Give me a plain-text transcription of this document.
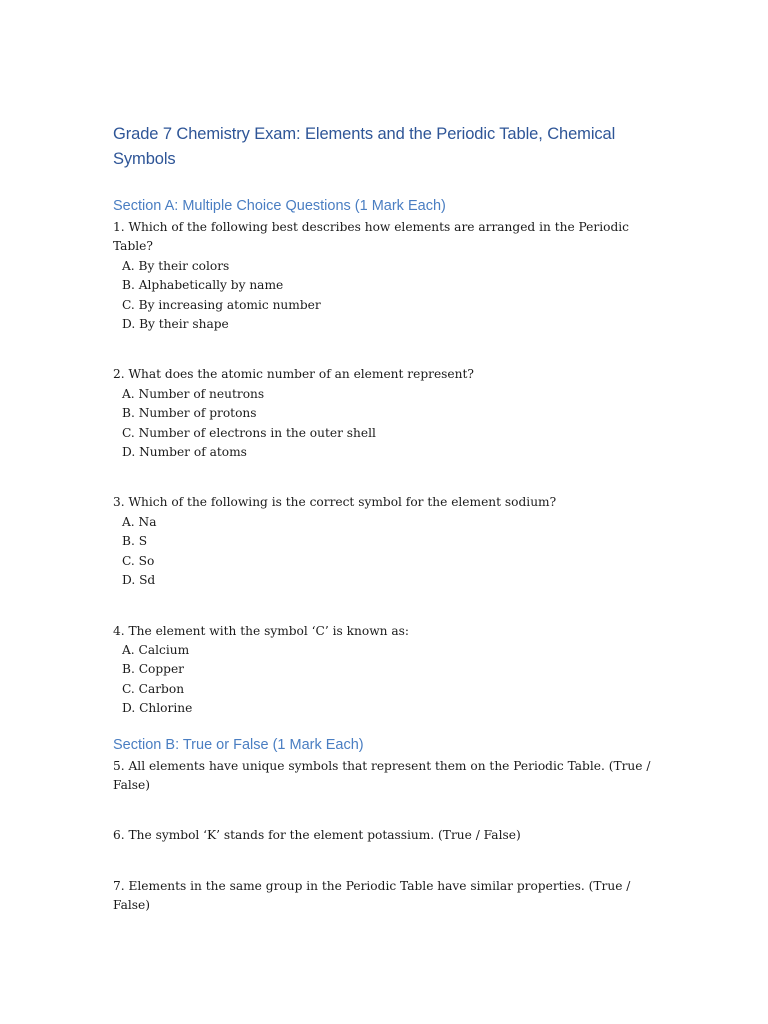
Grade 7 Chemistry Exam: Elements and the Periodic Table, Chemical Symbols
Section A: Multiple Choice Questions (1 Mark Each)
1. Which of the following best describes how elements are arranged in the Periodic Table?
A. By their colors
B. Alphabetically by name
C. By increasing atomic number
D. By their shape
2. What does the atomic number of an element represent?
A. Number of neutrons
B. Number of protons
C. Number of electrons in the outer shell
D. Number of atoms
3. Which of the following is the correct symbol for the element sodium?
A. Na
B. S
C. So
D. Sd
4. The element with the symbol ‘C’ is known as:
A. Calcium
B. Copper
C. Carbon
D. Chlorine
Section B: True or False (1 Mark Each)
5. All elements have unique symbols that represent them on the Periodic Table. (True / False)
6. The symbol ‘K’ stands for the element potassium. (True / False)
7. Elements in the same group in the Periodic Table have similar properties. (True / False)
